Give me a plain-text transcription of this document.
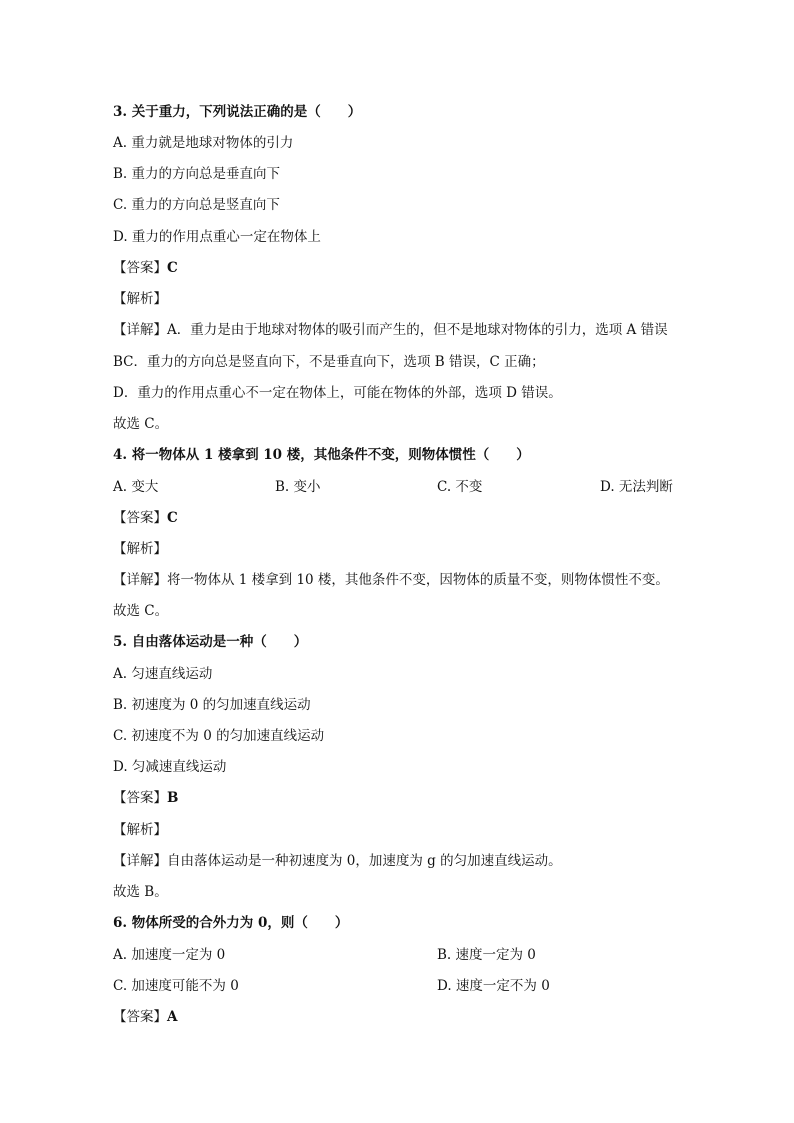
3. 关于重力，下列说法正确的是（　　）
A. 重力就是地球对物体的引力
B. 重力的方向总是垂直向下
C. 重力的方向总是竖直向下
D. 重力的作用点重心一定在物体上
【答案】C
【解析】
【详解】A．重力是由于地球对物体的吸引而产生的，但不是地球对物体的引力，选项 A 错误
BC．重力的方向总是竖直向下，不是垂直向下，选项 B 错误，C 正确；
D．重力的作用点重心不一定在物体上，可能在物体的外部，选项 D 错误。
故选 C。
4. 将一物体从 1 楼拿到 10 楼，其他条件不变，则物体惯性（　　）
A. 变大	B. 变小	C. 不变	D. 无法判断
【答案】C
【解析】
【详解】将一物体从 1 楼拿到 10 楼，其他条件不变，因物体的质量不变，则物体惯性不变。
故选 C。
5. 自由落体运动是一种（　　）
A. 匀速直线运动
B. 初速度为 0 的匀加速直线运动
C. 初速度不为 0 的匀加速直线运动
D. 匀减速直线运动
【答案】B
【解析】
【详解】自由落体运动是一种初速度为 0，加速度为 g 的匀加速直线运动。
故选 B。
6. 物体所受的合外力为 0，则（　　）
A. 加速度一定为 0	B. 速度一定为 0
C. 加速度可能不为 0	D. 速度一定不为 0
【答案】A
